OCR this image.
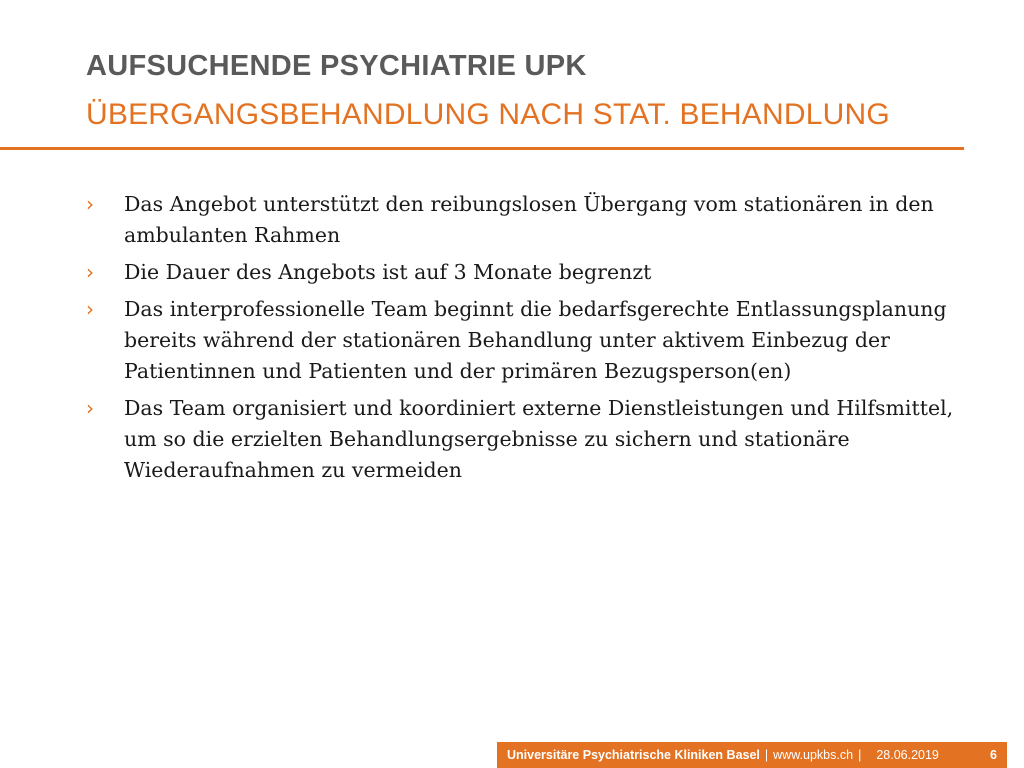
AUFSUCHENDE PSYCHIATRIE UPK
ÜBERGANGSBEHANDLUNG NACH STAT. BEHANDLUNG
›	Das Angebot unterstützt den reibungslosen Übergang vom stationären in den ambulanten Rahmen
›	Die Dauer des Angebots ist auf 3 Monate begrenzt
›	Das interprofessionelle Team beginnt die bedarfsgerechte Entlassungsplanung bereits während der stationären Behandlung unter aktivem Einbezug der Patientinnen und Patienten und der primären Bezugsperson(en)
›	Das Team organisiert und koordiniert externe Dienstleistungen und Hilfsmittel, um so die erzielten Behandlungsergebnisse zu sichern und stationäre Wiederaufnahmen zu vermeiden
Universitäre Psychiatrische Kliniken Basel | www.upkbs.ch | 28.06.2019	6
